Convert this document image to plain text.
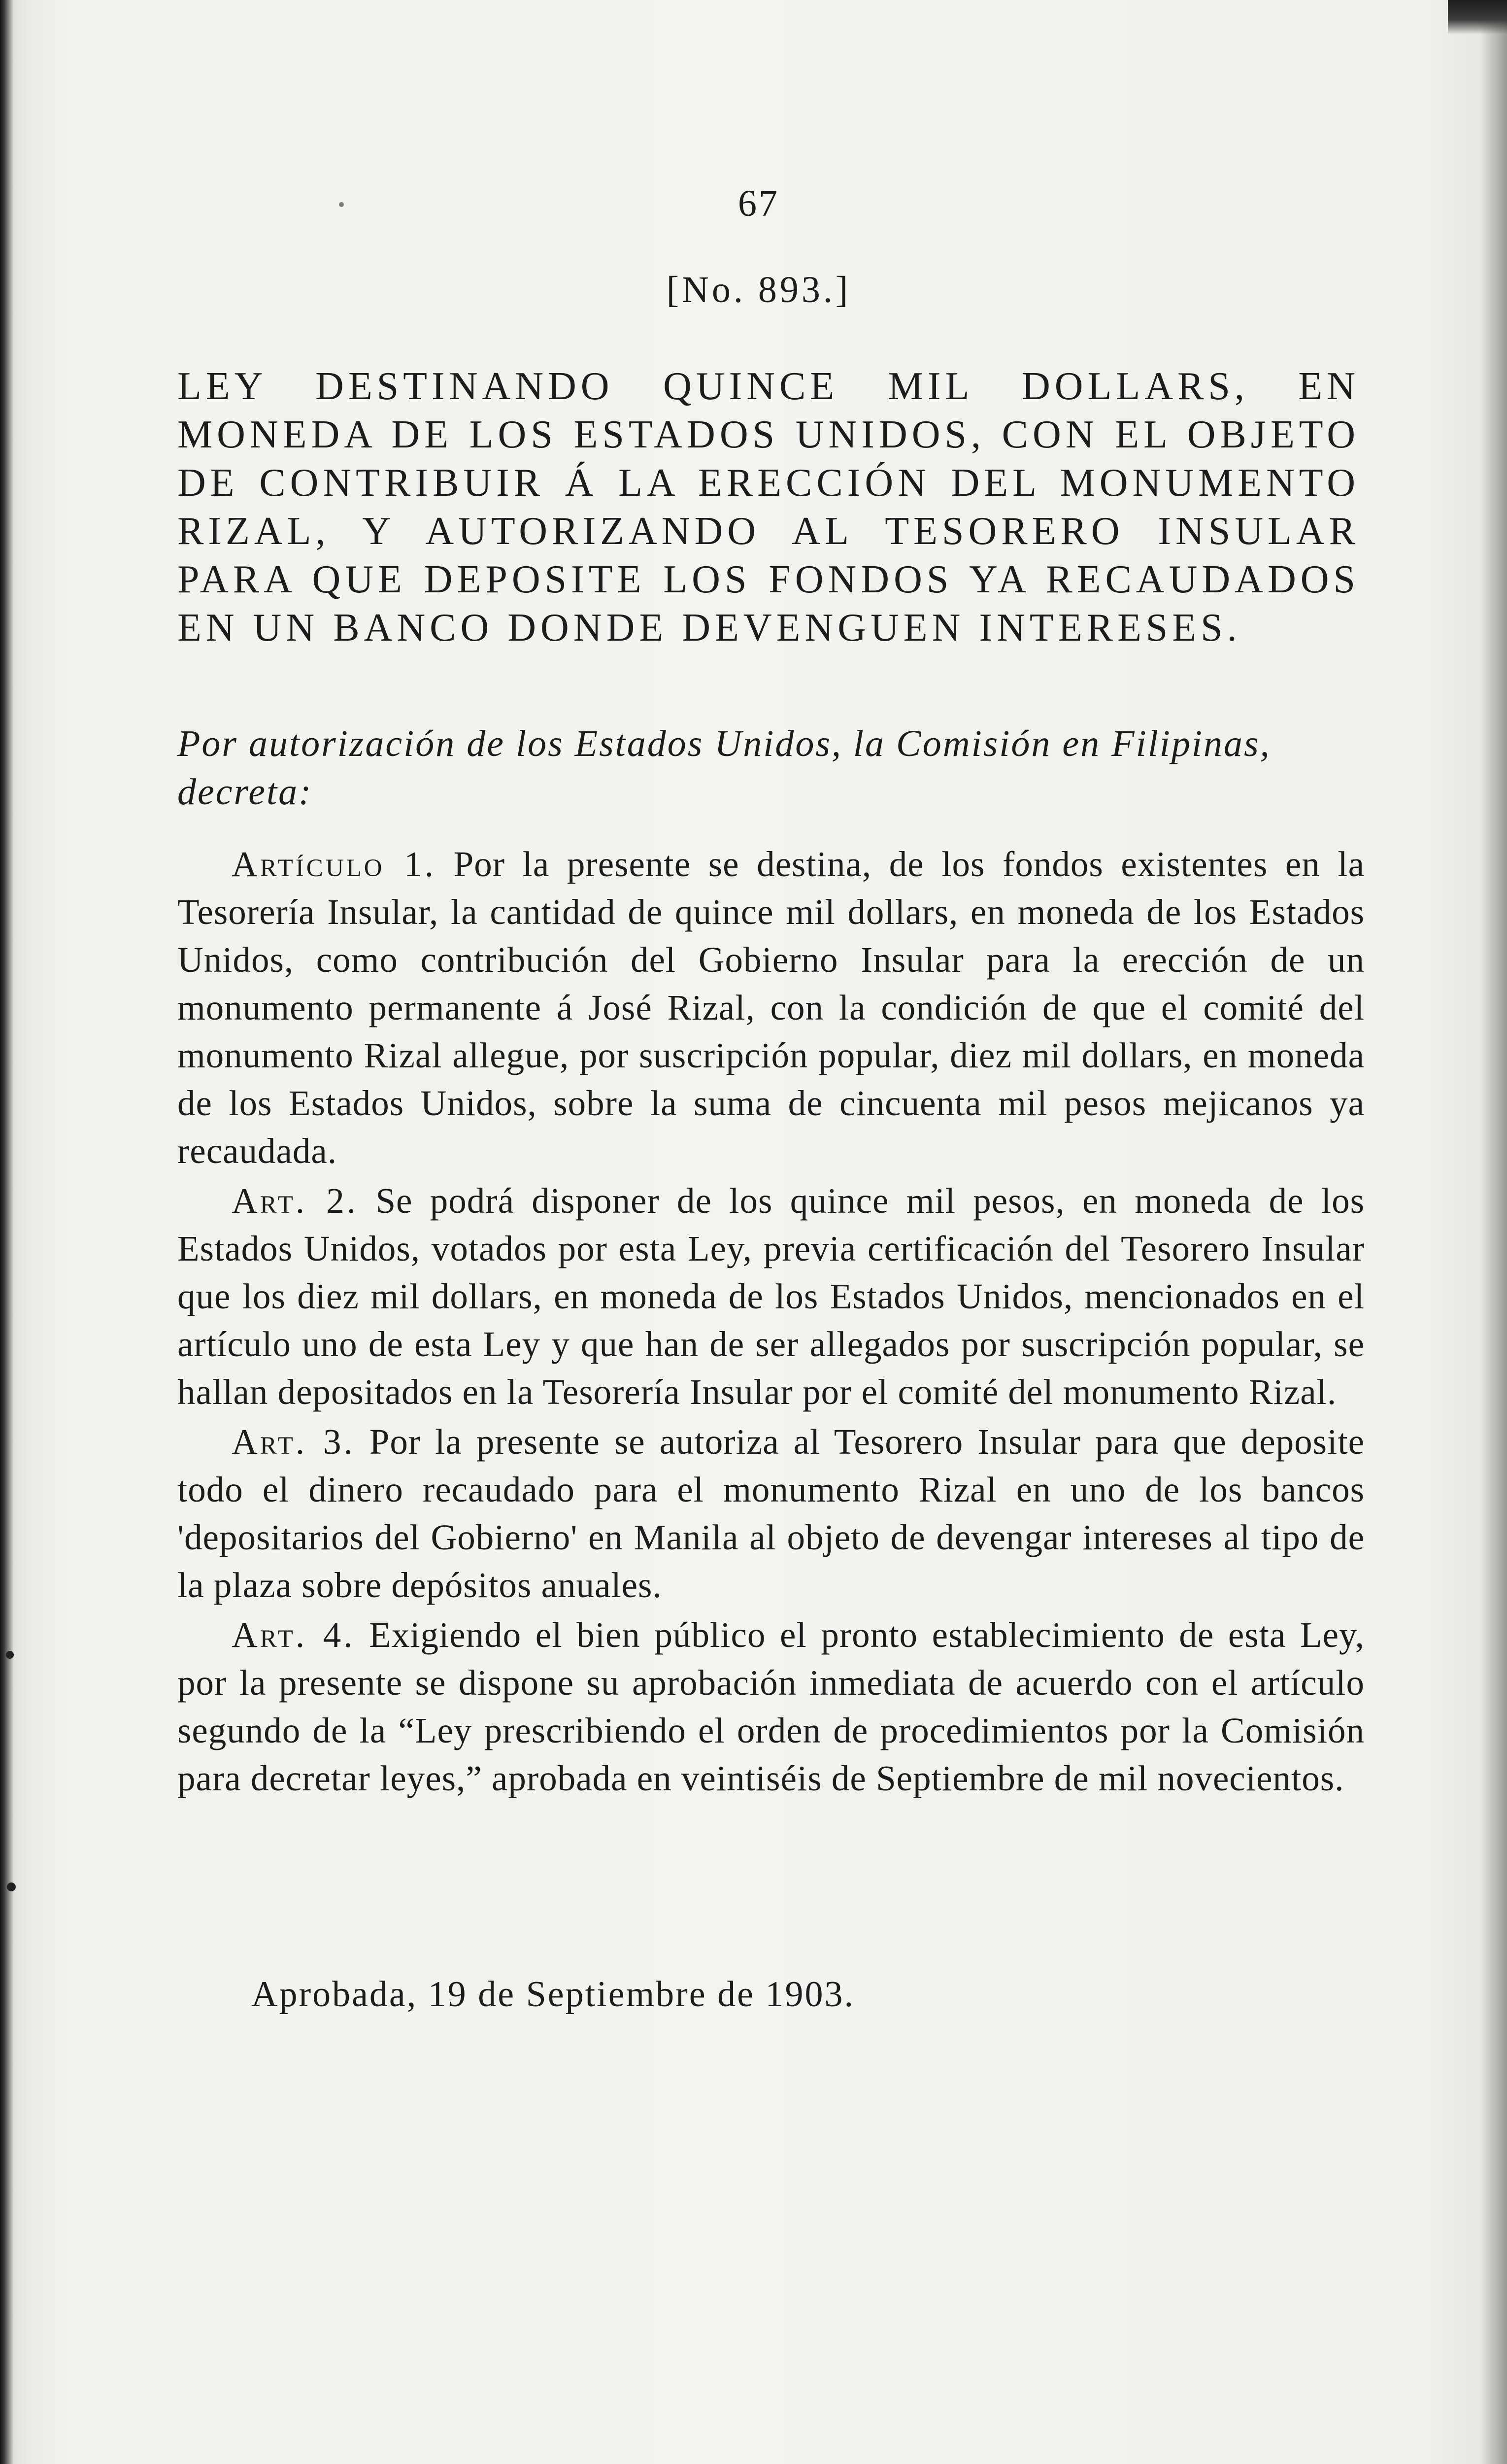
67
[No. 893.]
LEY DESTINANDO QUINCE MIL DOLLARS, EN MONEDA DE LOS ESTADOS UNIDOS, CON EL OBJETO DE CONTRIBUIR Á LA ERECCIÓN DEL MONUMENTO RIZAL, Y AUTORIZANDO AL TESORERO INSULAR PARA QUE DEPOSITE LOS FONDOS YA RECAUDADOS EN UN BANCO DONDE DEVENGUEN INTERESES.
Por autorización de los Estados Unidos, la Comisión en Filipinas, decreta:

Artículo 1. Por la presente se destina, de los fondos existentes en la Tesorería Insular, la cantidad de quince mil dollars, en moneda de los Estados Unidos, como contribución del Gobierno Insular para la erección de un monumento permanente á José Rizal, con la condición de que el comité del monumento Rizal allegue, por suscripción popular, diez mil dollars, en moneda de los Estados Unidos, sobre la suma de cincuenta mil pesos mejicanos ya recaudada.

Art. 2. Se podrá disponer de los quince mil pesos, en moneda de los Estados Unidos, votados por esta Ley, previa certificación del Tesorero Insular que los diez mil dollars, en moneda de los Estados Unidos, mencionados en el artículo uno de esta Ley y que han de ser allegados por suscripción popular, se hallan depositados en la Tesorería Insular por el comité del monumento Rizal.

Art. 3. Por la presente se autoriza al Tesorero Insular para que deposite todo el dinero recaudado para el monumento Rizal en uno de los bancos 'depositarios del Gobierno' en Manila al objeto de devengar intereses al tipo de la plaza sobre depósitos anuales.

Art. 4. Exigiendo el bien público el pronto establecimiento de esta Ley, por la presente se dispone su aprobación inmediata de acuerdo con el artículo segundo de la “Ley prescribiendo el orden de procedimientos por la Comisión para decretar leyes,” aprobada en veintiséis de Septiembre de mil novecientos.

Aprobada, 19 de Septiembre de 1903.
